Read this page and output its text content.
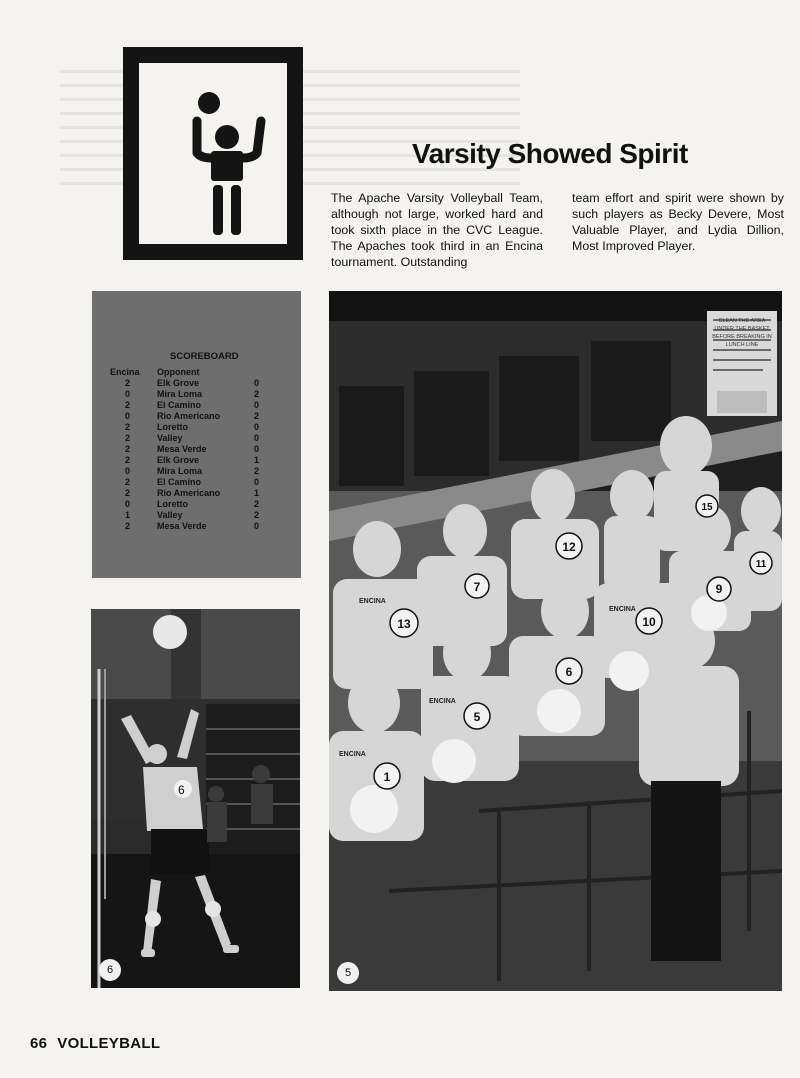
Varsity Showed Spirit

The Apache Varsity Volleyball Team, although not large, worked hard and took sixth place in the CVC League. The Apaches took third in an Encina tournament. Outstanding

team effort and spirit were shown by such players as Becky Devere, Most Valuable Player, and Lydia Dillion, Most Improved Player.

SCOREBOARD
Encina Opponent
2	Elk Grove	0
0	Mira Loma	2
2	El Camino	0
0	Rio Americano	2
2	Loretto	0
2	Valley	0
2	Mesa Verde	0
2	Elk Grove	1
0	Mira Loma	2
2	El Camino	0
2	Rio Americano	1
0	Loretto	2
1	Valley	2
2	Mesa Verde	0
6
6
13
7
12
15
11
9
10
6
5
1
ENCINA
ENCINA
ENCINA
ENCINA
CLEAN THE AREA UNDER THE BASKET BEFORE BREAKING IN LUNCH LINE
5
66 VOLLEYBALL
